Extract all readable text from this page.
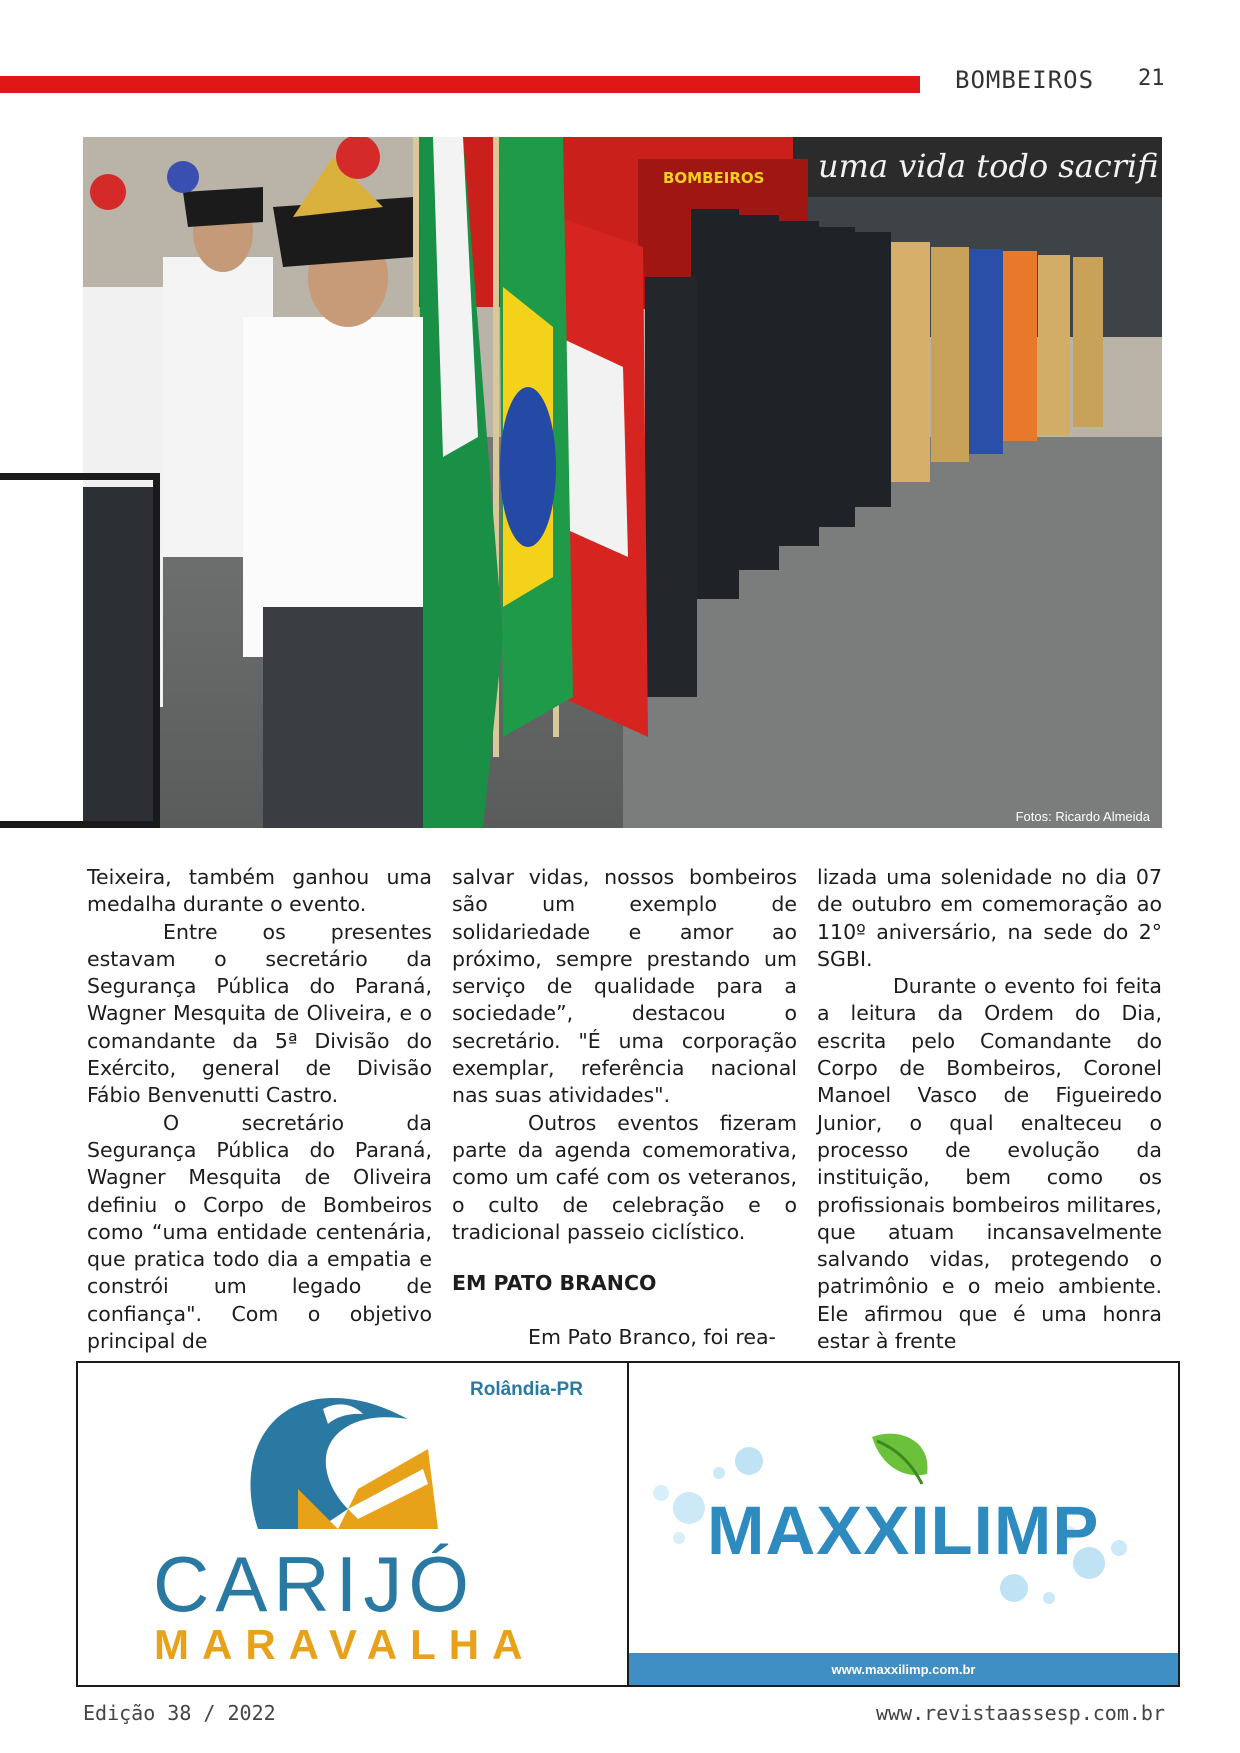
BOMBEIROS 21
uma vida todo sacrifi
BOMBEIROS
Fotos: Ricardo Almeida

Teixeira, também ganhou uma medalha durante o evento.

Entre os presentes estavam o secretário da Segurança Pública do Paraná, Wagner Mesquita de Oliveira, e o comandante da 5ª Divisão do Exército, general de Divisão Fábio Benvenutti Castro.

O secretário da Segurança Pública do Paraná, Wagner Mesquita de Oliveira definiu o Corpo de Bombeiros como “uma entidade centenária, que pratica todo dia a empatia e constrói um legado de confiança". Com o objetivo principal de

salvar vidas, nossos bombeiros são um exemplo de solidariedade e amor ao próximo, sempre prestando um serviço de qualidade para a sociedade”, destacou o secretário. "É uma corporação exemplar, referência nacional nas suas atividades".

Outros eventos fizeram parte da agenda comemorativa, como um café com os veteranos, o culto de celebração e o tradicional passeio ciclístico.

EM PATO BRANCO

Em Pato Branco, foi rea-

lizada uma solenidade no dia 07 de outubro em comemoração ao 110º aniversário, na sede do 2° SGBI.

Durante o evento foi feita a leitura da Ordem do Dia, escrita pelo Comandante do Corpo de Bombeiros, Coronel Manoel Vasco de Figueiredo Junior, o qual enalteceu o processo de evolução da instituição, bem como os profissionais bombeiros militares, que atuam incansavelmente salvando vidas, protegendo o patrimônio e o meio ambiente. Ele afirmou que é uma honra estar à frente

Rolândia-PR
CARIJÓ
MARAVALHA
MAXXILIMP
www.maxxilimp.com.br
Edição 38 / 2022	www.revistaassesp.com.br
